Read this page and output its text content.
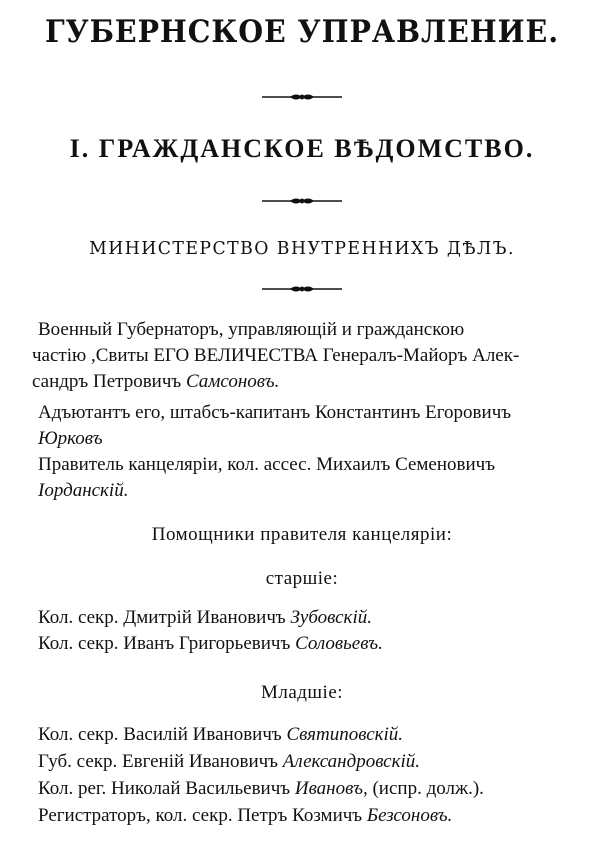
ГУБЕРНСКОЕ УПРАВЛЕНИЕ.
I. ГРАЖДАНСКОЕ ВѢДОМСТВО.
МИНИСТЕРСТВО ВНУТРЕННИХЪ ДѢЛЪ.
Военный Губернаторъ, управляющій и гражданскою
частію ,Свиты ЕГО ВЕЛИЧЕСТВА Генералъ-Майоръ Алек-
сандръ Петровичъ Самсоновъ.
Адъютантъ его, штабсъ-капитанъ Константинъ Егоровичъ
Юрковъ
Правитель канцеляріи, кол. ассес. Михаилъ Семеновичъ
Іорданскій.
Помощники правителя канцеляріи:
старшіе:
Кол. секр. Дмитрій Ивановичъ Зубовскій.
Кол. секр. Иванъ Григорьевичъ Соловьевъ.
Младшіе:
Кол. секр. Василій Ивановичъ Святиповскій.
Губ. секр. Евгеній Ивановичъ Александровскій.
Кол. рег. Николай Васильевичъ Ивановъ, (испр. долж.).
Регистраторъ, кол. секр. Петръ Козмичъ Безсоновъ.
